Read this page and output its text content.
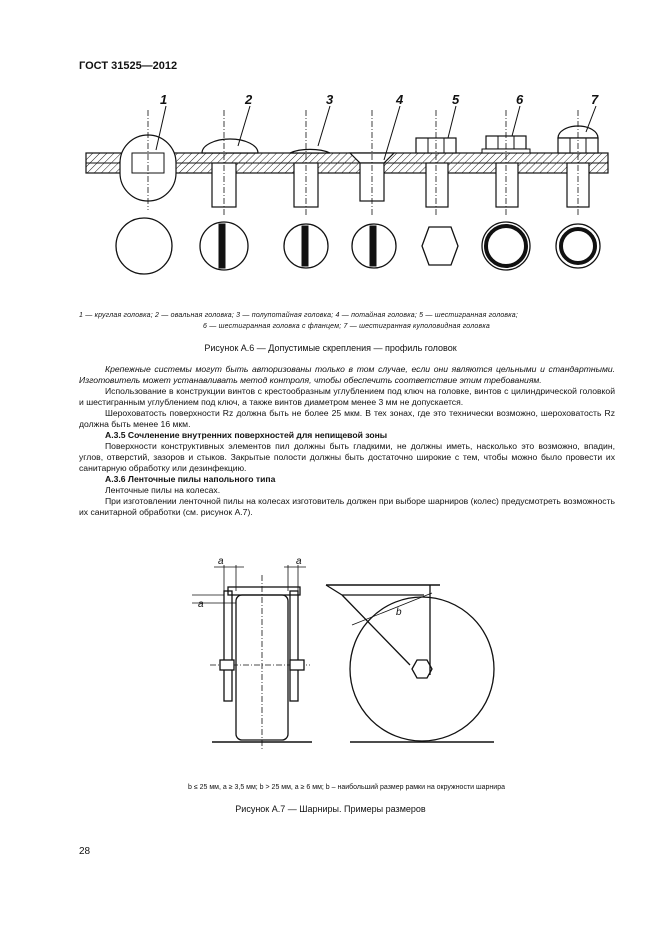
ГОСТ 31525—2012
1	2	3	4	5	6	7
1 — круглая головка; 2 — овальная головка; 3 — полупотайная головка; 4 — потайная головка; 5 — шестигранная головка;
6 — шестигранная головка с фланцем; 7 — шестигранная куполовидная головка
Рисунок А.6 — Допустимые скрепления — профиль головок

Крепежные системы могут быть авторизованы только в том случае, если они являются цельными и стандартными. Изготовитель может устанавливать метод контроля, чтобы обеспечить соответствие этим требованиям.

Использование в конструкции винтов с крестообразным углублением под ключ на головке, винтов с цилиндрической головкой и шестигранным углублением под ключ, а также винтов диаметром менее 3 мм не допускается.

Шероховатость поверхности Rz должна быть не более 25 мкм. В тех зонах, где это технически возможно, шероховатость Rz должна быть менее 16 мкм.

А.3.5 Сочленение внутренних поверхностей для непищевой зоны

Поверхности конструктивных элементов пил должны быть гладкими, не должны иметь, насколько это возможно, впадин, углов, отверстий, зазоров и стыков. Закрытые полости должны быть достаточно широкие с тем, чтобы можно было провести их санитарную обработку или дезинфекцию.

А.3.6 Ленточные пилы напольного типа

Ленточные пилы на колесах.

При изготовлении ленточной пилы на колесах изготовитель должен при выборе шарниров (колес) предусмотреть возможность их санитарной обработки (см. рисунок А.7).

a	a
a
b
b ≤ 25 мм, a ≥ 3,5 мм; b > 25 мм, a ≥ 6 мм; b – наибольший размер рамки на окружности шарнира
Рисунок А.7 — Шарниры. Примеры размеров
28
